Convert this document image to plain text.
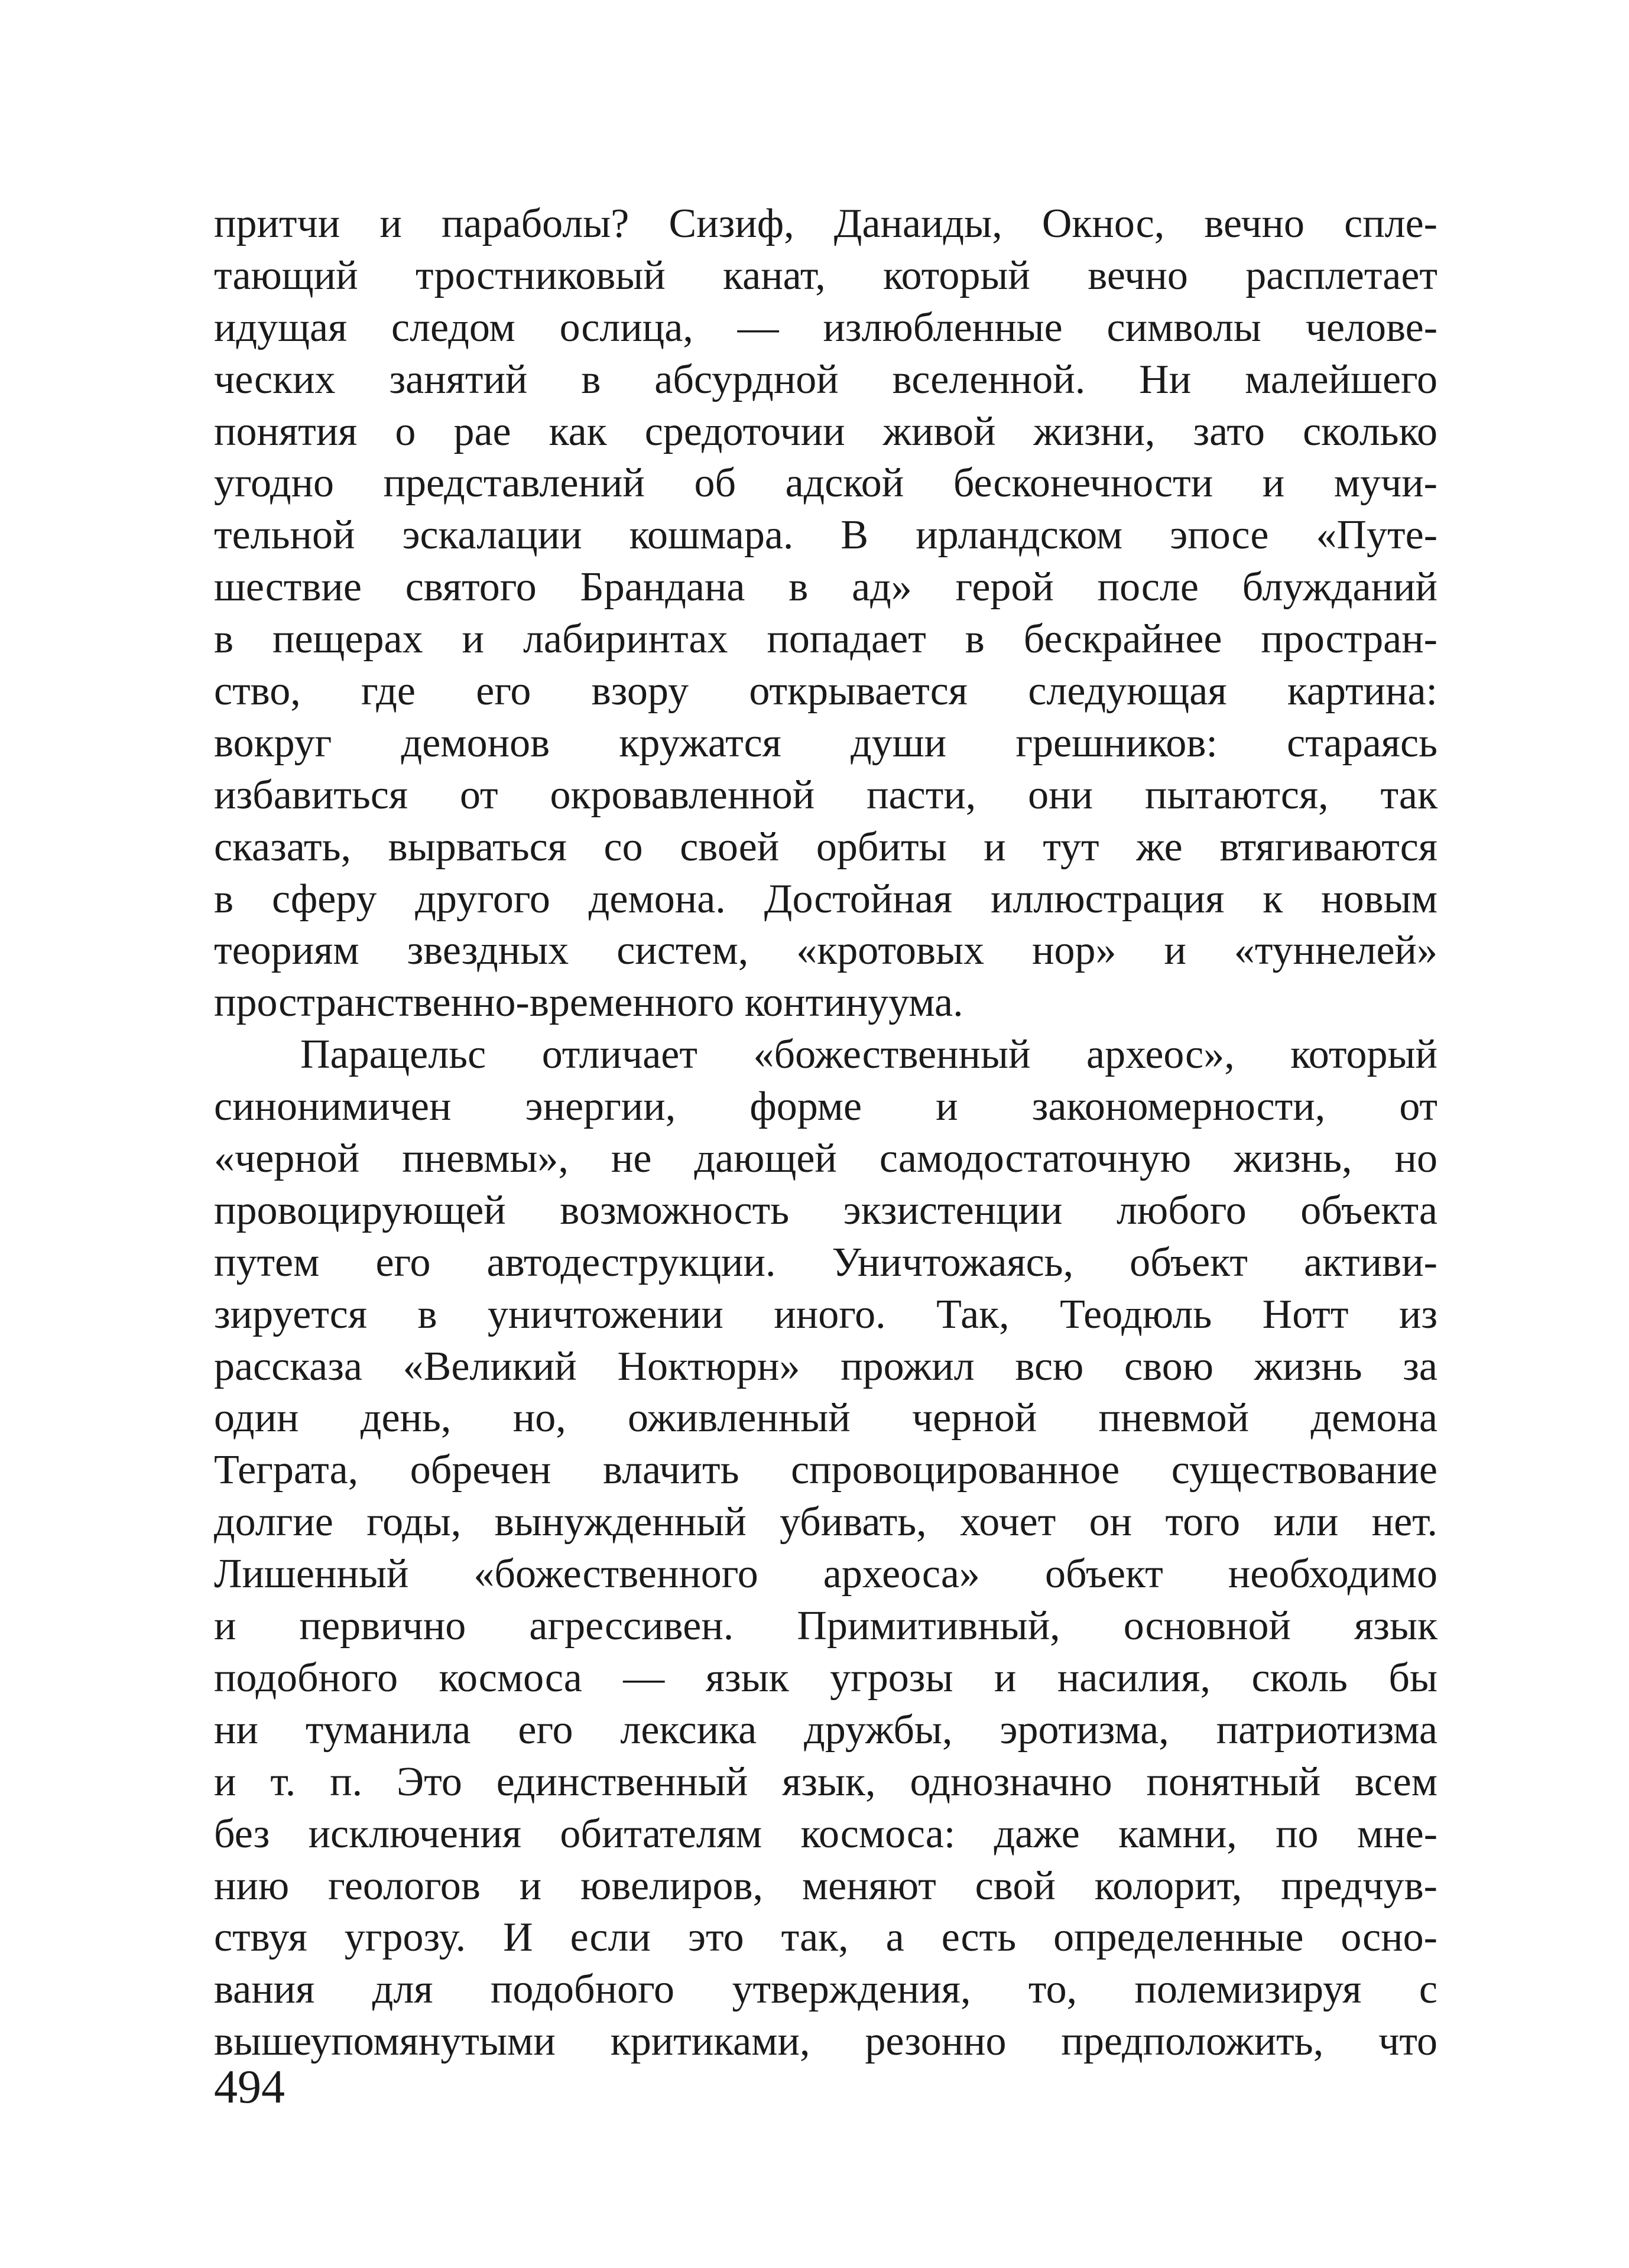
притчи и параболы? Сизиф, Данаиды, Окнос, вечно спле-
тающий тростниковый канат, который вечно расплетает
идущая следом ослица, — излюбленные символы челове-
ческих занятий в абсурдной вселенной. Ни малейшего
понятия о рае как средоточии живой жизни, зато сколько
угодно представлений об адской бесконечности и мучи-
тельной эскалации кошмара. В ирландском эпосе «Путе-
шествие святого Брандана в ад» герой после блужданий
в пещерах и лабиринтах попадает в бескрайнее простран-
ство, где его взору открывается следующая картина:
вокруг демонов кружатся души грешников: стараясь
избавиться от окровавленной пасти, они пытаются, так
сказать, вырваться со своей орбиты и тут же втягиваются
в сферу другого демона. Достойная иллюстрация к новым
теориям звездных систем, «кротовых нор» и «туннелей»
пространственно-временного континуума.
Парацельс отличает «божественный археос», который
синонимичен энергии, форме и закономерности, от
«черной пневмы», не дающей самодостаточную жизнь, но
провоцирующей возможность экзистенции любого объекта
путем его автодеструкции. Уничтожаясь, объект активи-
зируется в уничтожении иного. Так, Теодюль Нотт из
рассказа «Великий Ноктюрн» прожил всю свою жизнь за
один день, но, оживленный черной пневмой демона
Теграта, обречен влачить спровоцированное существование
долгие годы, вынужденный убивать, хочет он того или нет.
Лишенный «божественного археоса» объект необходимо
и первично агрессивен. Примитивный, основной язык
подобного космоса — язык угрозы и насилия, сколь бы
ни туманила его лексика дружбы, эротизма, патриотизма
и т. п. Это единственный язык, однозначно понятный всем
без исключения обитателям космоса: даже камни, по мне-
нию геологов и ювелиров, меняют свой колорит, предчув-
ствуя угрозу. И если это так, а есть определенные осно-
вания для подобного утверждения, то, полемизируя с
вышеупомянутыми критиками, резонно предположить, что
494
